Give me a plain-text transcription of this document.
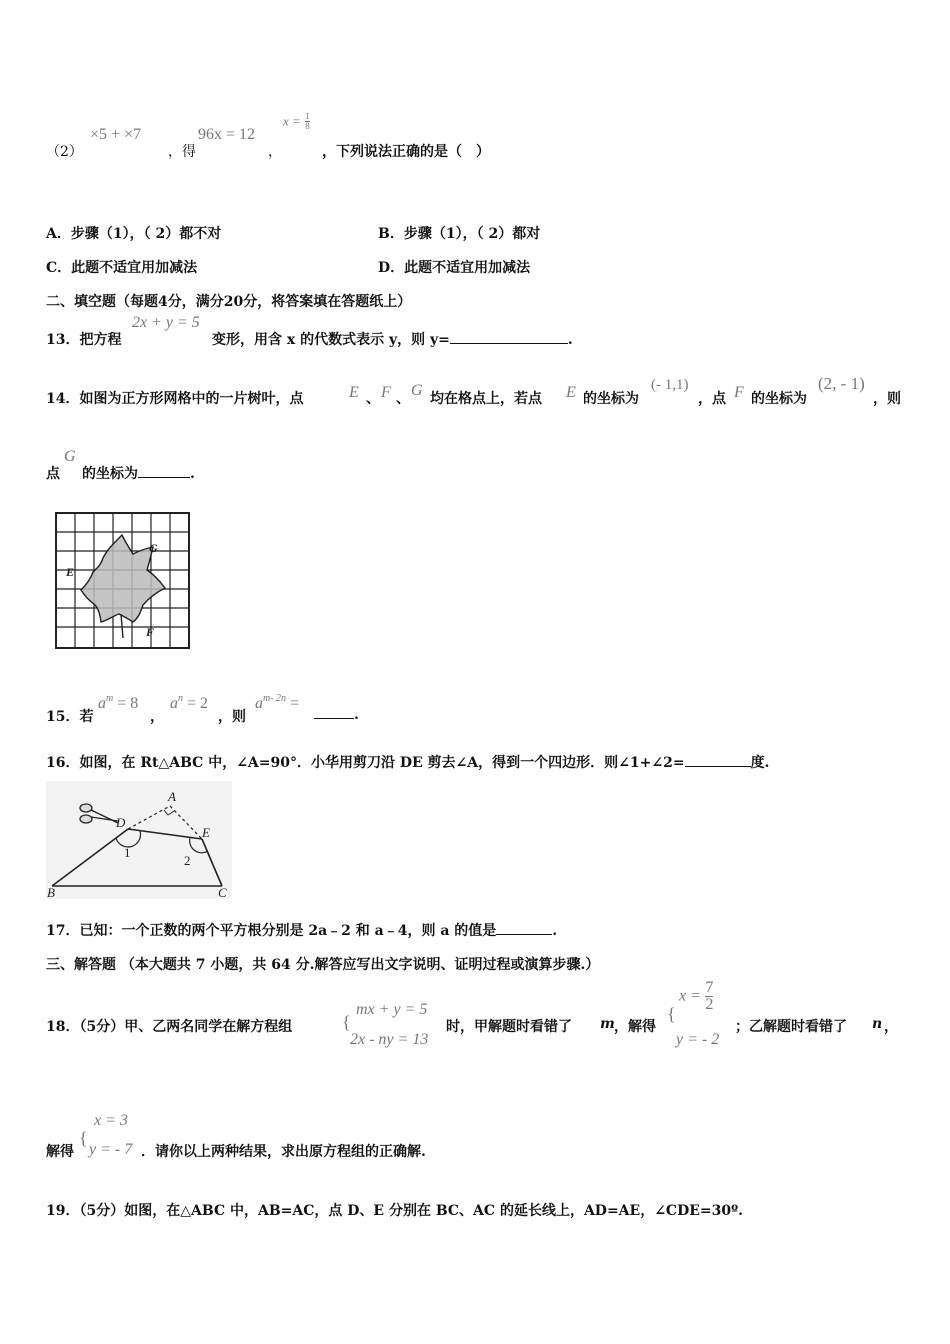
（2）
×5 + ×7
，得
96x = 12
，
$x = \frac{1}{8}$
，下列说法正确的是（　）
A．步骤（1），（ 2）都不对	B．步骤（1），（ 2）都对
C．此题不适宜用加减法	D．此题不适宜用加减法
二、填空题（每题4分，满分20分，将答案填在答题纸上）
13．把方程
2x + y = 5
变形，用含 x 的代数式表示 y，则 y=	.
14．如图为正方形网格中的一片树叶，点	E 、 F 、 G 均在格点上，若点 E 的坐标为
(- 1,1)
，点 F 的坐标为
(2, - 1)
，则
点
G
的坐标为	.
G
E
F
15．若
$a^m = 8$
，
$a^n = 2$
，则
$a^{m- 2n}$ =
.
16．如图，在 Rt△ABC 中，∠A=90°．小华用剪刀沿 DE 剪去∠A，得到一个四边形．则∠1+∠2=	度.
A
D
E
1
2
B	C
17．已知：一个正数的两个平方根分别是 2a﹣2 和 a﹣4，则 a 的值是	.
三、解答题 （本大题共 7 小题，共 64 分.解答应写出文字说明、证明过程或演算步骤.）
18．（5分）甲、乙两名同学在解方程组	{
mx + y = 5
2x - ny = 13
时，甲解题时看错了 m ，解得
{
$x = \frac{7}{2}$
y = - 2
；乙解题时看错了 n ，
解得
{
x = 3
y = - 7 ．请你以上两种结果，求出原方程组的正确解.
19．（5分）如图，在△ABC 中，AB=AC，点 D、E 分别在 BC、AC 的延长线上，AD=AE，∠CDE=30º.
